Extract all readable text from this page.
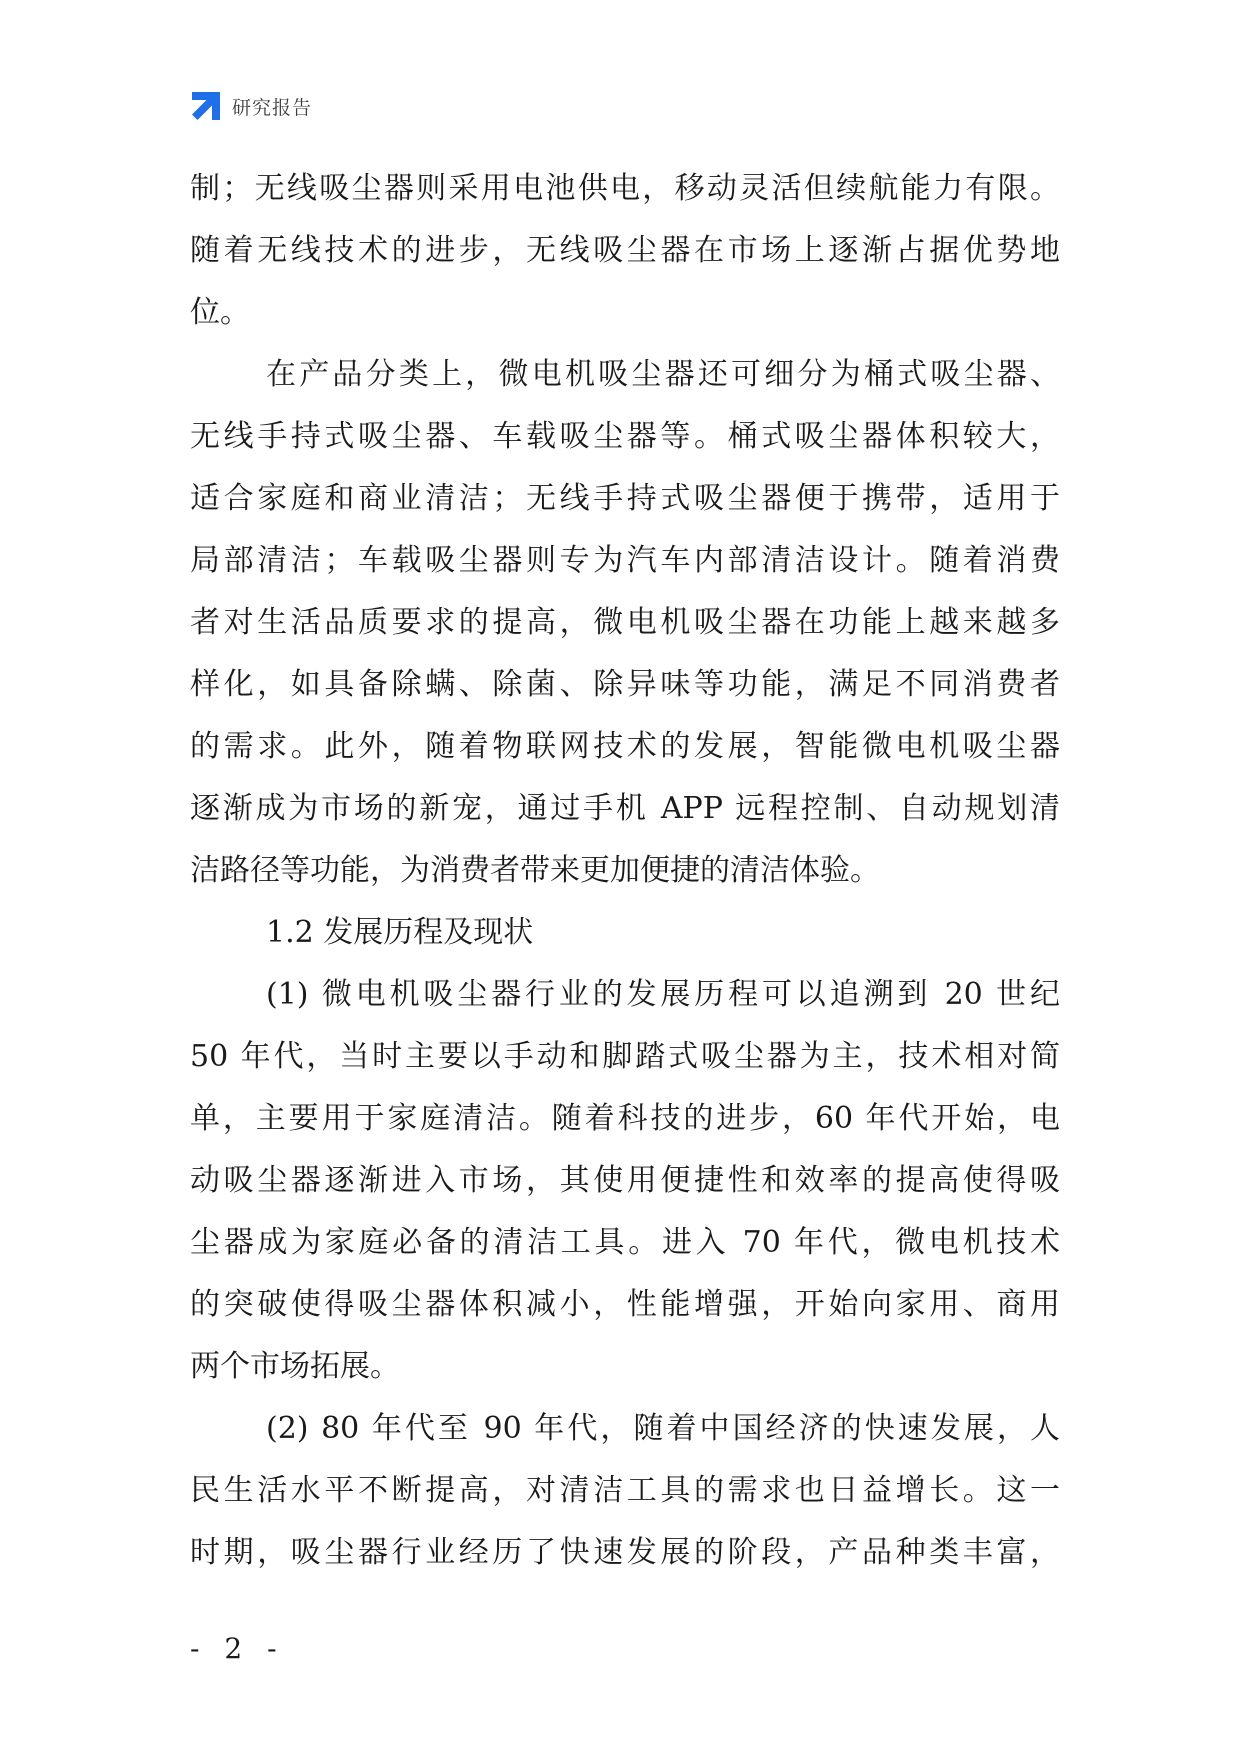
研究报告
制；无线吸尘器则采用电池供电，移动灵活但续航能力有限。
随着无线技术的进步，无线吸尘器在市场上逐渐占据优势地
位。
在产品分类上，微电机吸尘器还可细分为桶式吸尘器、
无线手持式吸尘器、车载吸尘器等。桶式吸尘器体积较大，
适合家庭和商业清洁；无线手持式吸尘器便于携带，适用于
局部清洁；车载吸尘器则专为汽车内部清洁设计。随着消费
者对生活品质要求的提高，微电机吸尘器在功能上越来越多
样化，如具备除螨、除菌、除异味等功能，满足不同消费者
的需求。此外，随着物联网技术的发展，智能微电机吸尘器
逐渐成为市场的新宠，通过手机 APP 远程控制、自动规划清
洁路径等功能，为消费者带来更加便捷的清洁体验。
1.2 发展历程及现状
(1) 微电机吸尘器行业的发展历程可以追溯到 20 世纪
50 年代，当时主要以手动和脚踏式吸尘器为主，技术相对简
单，主要用于家庭清洁。随着科技的进步，60 年代开始，电
动吸尘器逐渐进入市场，其使用便捷性和效率的提高使得吸
尘器成为家庭必备的清洁工具。进入 70 年代，微电机技术
的突破使得吸尘器体积减小，性能增强，开始向家用、商用
两个市场拓展。
(2) 80 年代至 90 年代，随着中国经济的快速发展，人
民生活水平不断提高，对清洁工具的需求也日益增长。这一
时期，吸尘器行业经历了快速发展的阶段，产品种类丰富，
- 2 -
